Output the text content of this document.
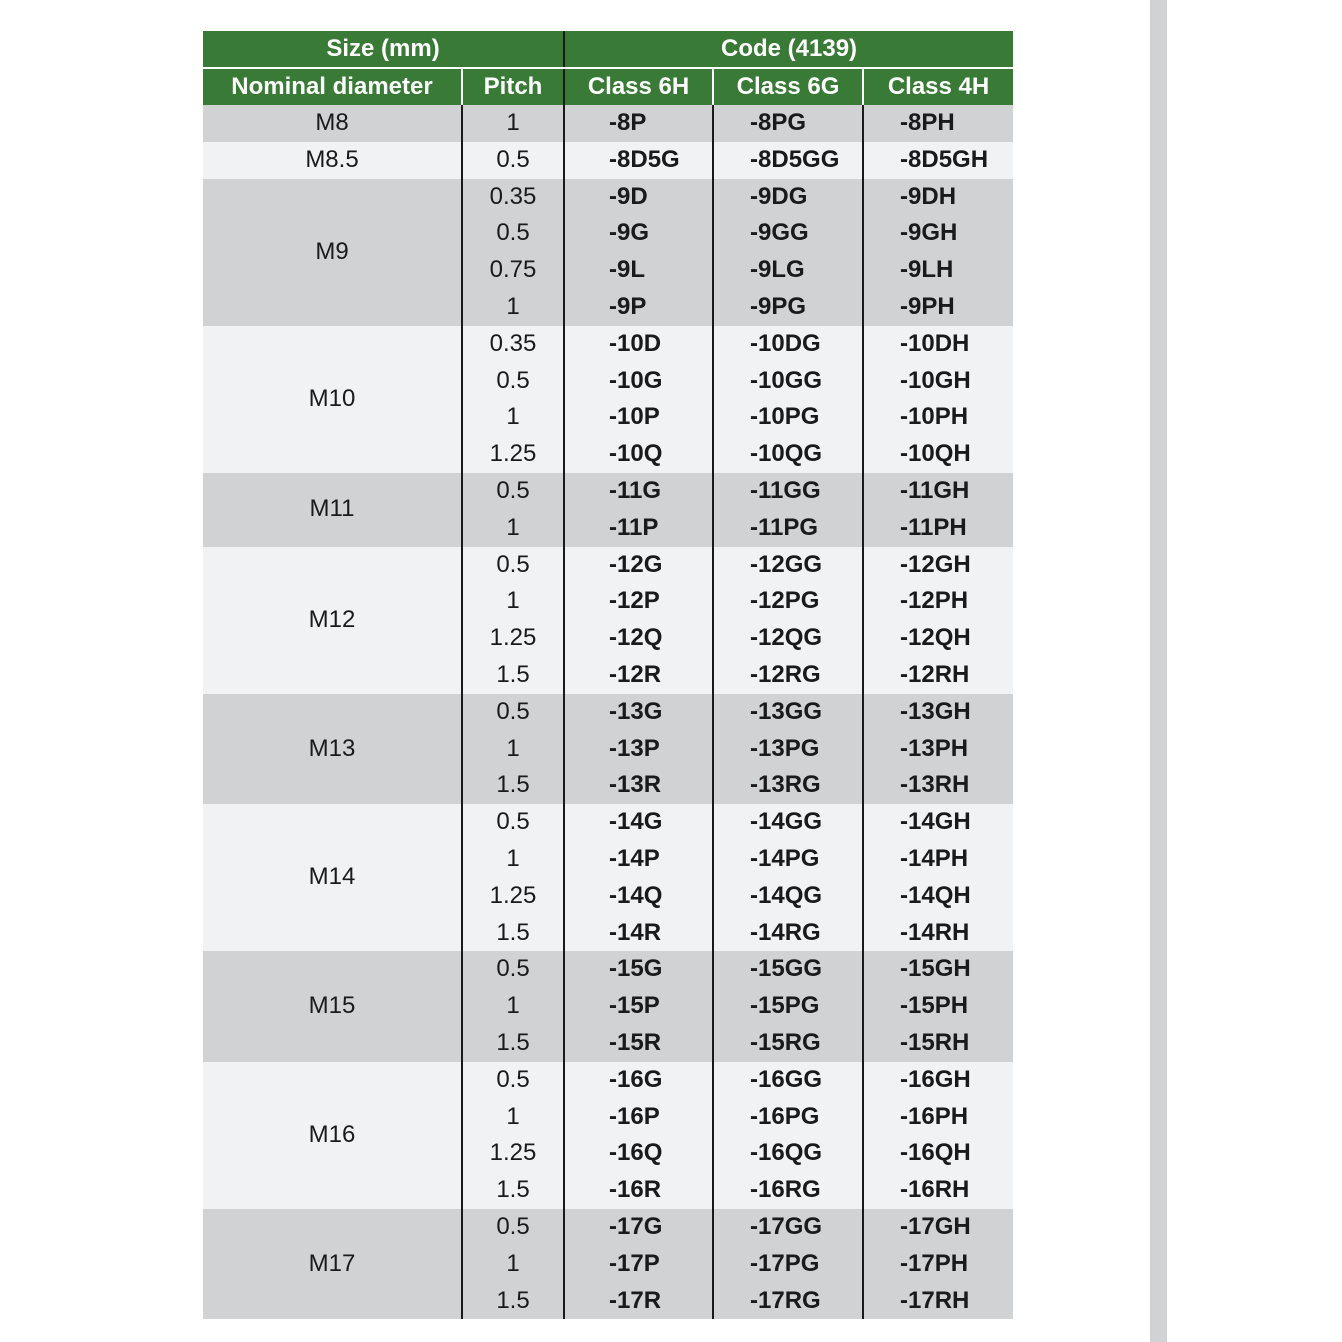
Size (mm)		Code (4139)		
Nominal diameter	Pitch	Class 6H	Class 6G	Class 4H
M8	1	-8P	-8PG	-8PH
M8.5	0.5	-8D5G	-8D5GG	-8D5GH
M9	0.35	-9D	-9DG	-9DH
	0.5	-9G	-9GG	-9GH
	0.75	-9L	-9LG	-9LH
	1	-9P	-9PG	-9PH
M10	0.35	-10D	-10DG	-10DH
	0.5	-10G	-10GG	-10GH
	1	-10P	-10PG	-10PH
	1.25	-10Q	-10QG	-10QH
M11	0.5	-11G	-11GG	-11GH
	1	-11P	-11PG	-11PH
M12	0.5	-12G	-12GG	-12GH
	1	-12P	-12PG	-12PH
	1.25	-12Q	-12QG	-12QH
	1.5	-12R	-12RG	-12RH
M13	0.5	-13G	-13GG	-13GH
	1	-13P	-13PG	-13PH
	1.5	-13R	-13RG	-13RH
M14	0.5	-14G	-14GG	-14GH
	1	-14P	-14PG	-14PH
	1.25	-14Q	-14QG	-14QH
	1.5	-14R	-14RG	-14RH
M15	0.5	-15G	-15GG	-15GH
	1	-15P	-15PG	-15PH
	1.5	-15R	-15RG	-15RH
M16	0.5	-16G	-16GG	-16GH
	1	-16P	-16PG	-16PH
	1.25	-16Q	-16QG	-16QH
	1.5	-16R	-16RG	-16RH
M17	0.5	-17G	-17GG	-17GH
	1	-17P	-17PG	-17PH
	1.5	-17R	-17RG	-17RH
